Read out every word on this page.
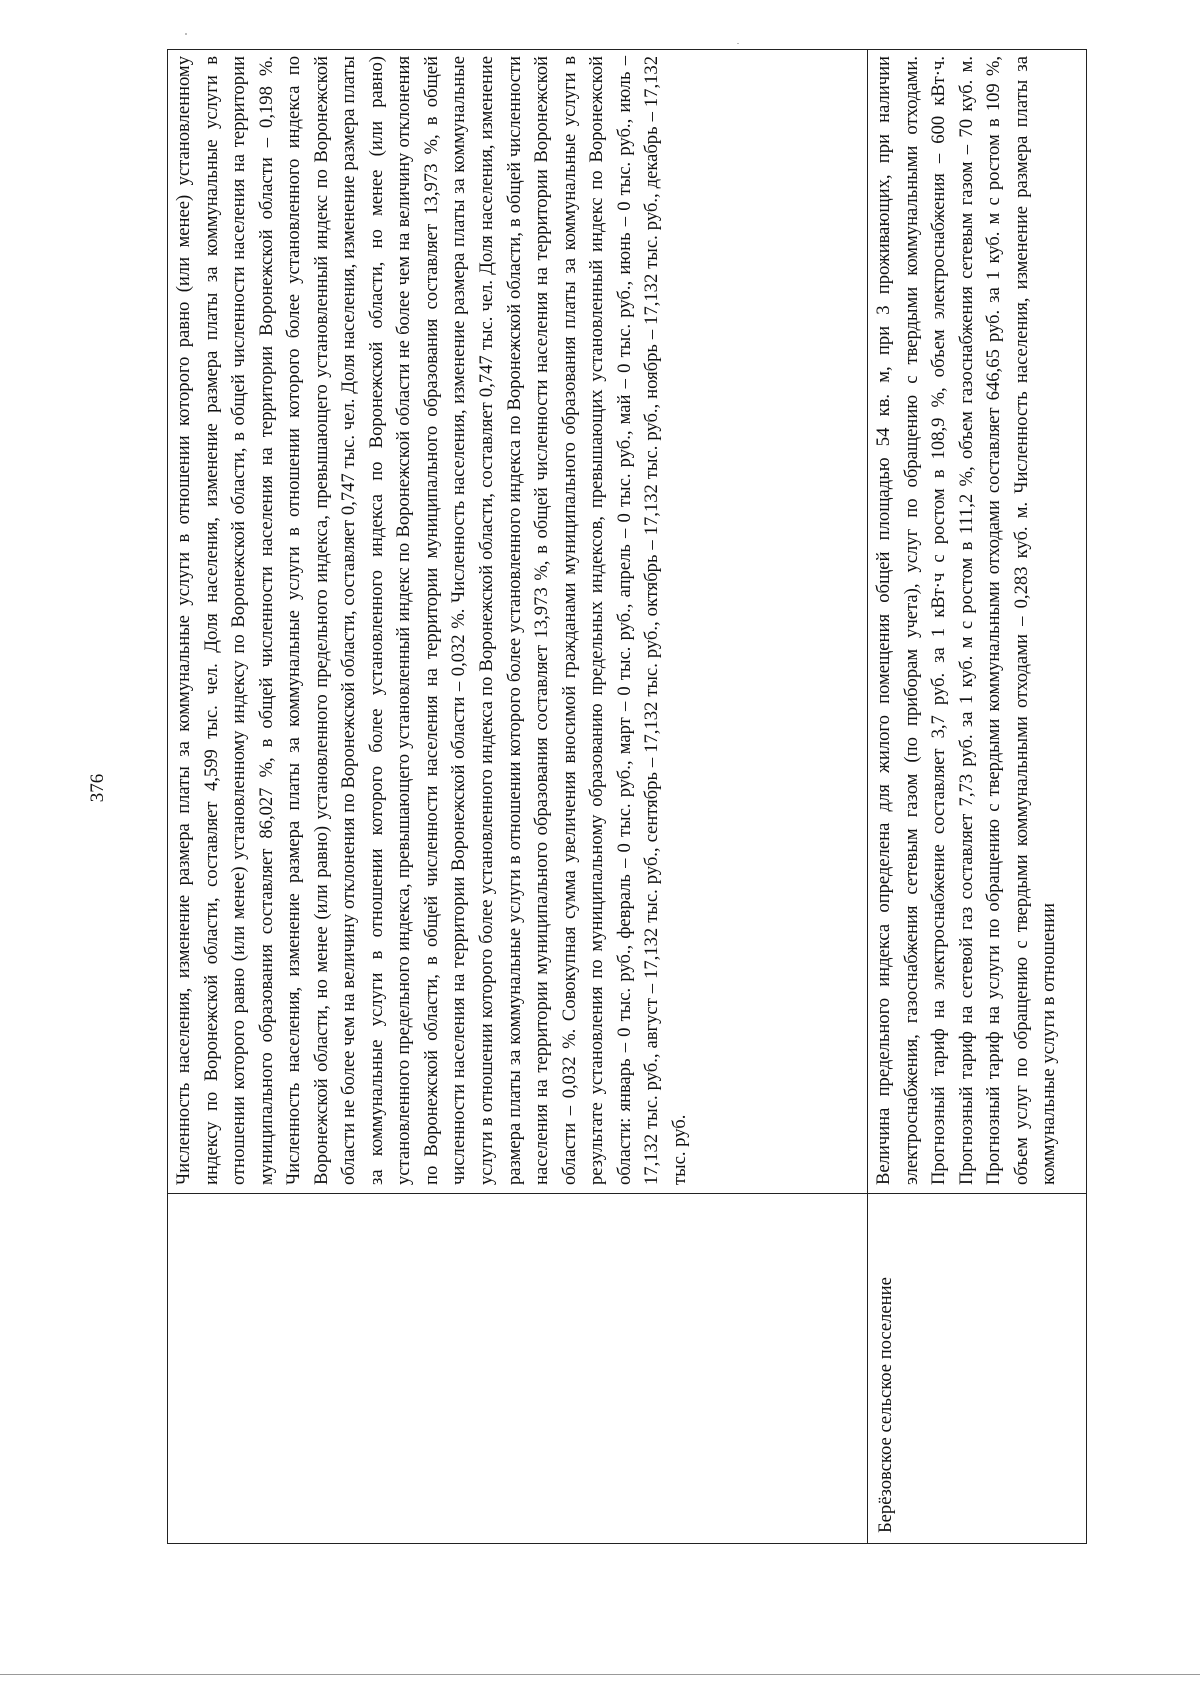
376	Численность населения, изменение размера платы за коммунальные услуги в отношении которого равно (или менее) установленному индексу по Воронежской области, составляет 4,599 тыс. чел. Доля населения, изменение размера платы за коммунальные услуги в отношении которого равно (или менее) установленному индексу по Воронежской области, в общей численности населения на территории муниципального образования составляет 86,027 %, в общей численности населения на территории Воронежской области – 0,198 %. Численность населения, изменение размера платы за коммунальные услуги в отношении которого более установленного индекса по Воронежской области, но менее (или равно) установленного предельного индекса, превышающего установленный индекс по Воронежской области не более чем на величину отклонения по Воронежской области, составляет 0,747 тыс. чел. Доля населения, изменение размера платы за коммунальные услуги в отношении которого более установленного индекса по Воронежской области, но менее (или равно) установленного предельного индекса, превышающего установленный индекс по Воронежской области не более чем на величину отклонения по Воронежской области, в общей численности населения на территории муниципального образования составляет 13,973 %, в общей численности населения на территории Воронежской области – 0,032 %. Численность населения, изменение размера платы за коммунальные услуги в отношении которого более установленного индекса по Воронежской области, составляет 0,747 тыс. чел. Доля населения, изменение размера платы за коммунальные услуги в отношении которого более установленного индекса по Воронежской области, в общей численности населения на территории муниципального образования составляет 13,973 %, в общей численности населения на территории Воронежской области – 0,032 %. Совокупная сумма увеличения вносимой гражданами муниципального образования платы за коммунальные услуги в результате установления по муниципальному образованию предельных индексов, превышающих установленный индекс по Воронежской области: январь – 0 тыс. руб., февраль – 0 тыс. руб., март – 0 тыс. руб., апрель – 0 тыс. руб., май – 0 тыс. руб., июнь – 0 тыс. руб., июль – 17,132 тыс. руб., август – 17,132 тыс. руб., сентябрь – 17,132 тыс. руб., октябрь – 17,132 тыс. руб., ноябрь – 17,132 тыс. руб., декабрь – 17,132 тыс. руб.

Берёзовское сельское поселение

Величина предельного индекса определена для жилого помещения общей площадью 54 кв. м, при 3 проживающих, при наличии электроснабжения, газоснабжения сетевым газом (по приборам учета), услуг по обращению с твердыми коммунальными отходами. Прогнозный тариф на электроснабжение составляет 3,7 руб. за 1 кВт·ч с ростом в 108,9 %, объем электроснабжения – 600 кВт·ч. Прогнозный тариф на сетевой газ составляет 7,73 руб. за 1 куб. м с ростом в 111,2 %, объем газоснабжения сетевым газом – 70 куб. м. Прогнозный тариф на услуги по обращению с твердыми коммунальными отходами составляет 646,65 руб. за 1 куб. м с ростом в 109 %, объем услуг по обращению с твердыми коммунальными отходами – 0,283 куб. м. Численность населения, изменение размера платы за коммунальные услуги в отношении
